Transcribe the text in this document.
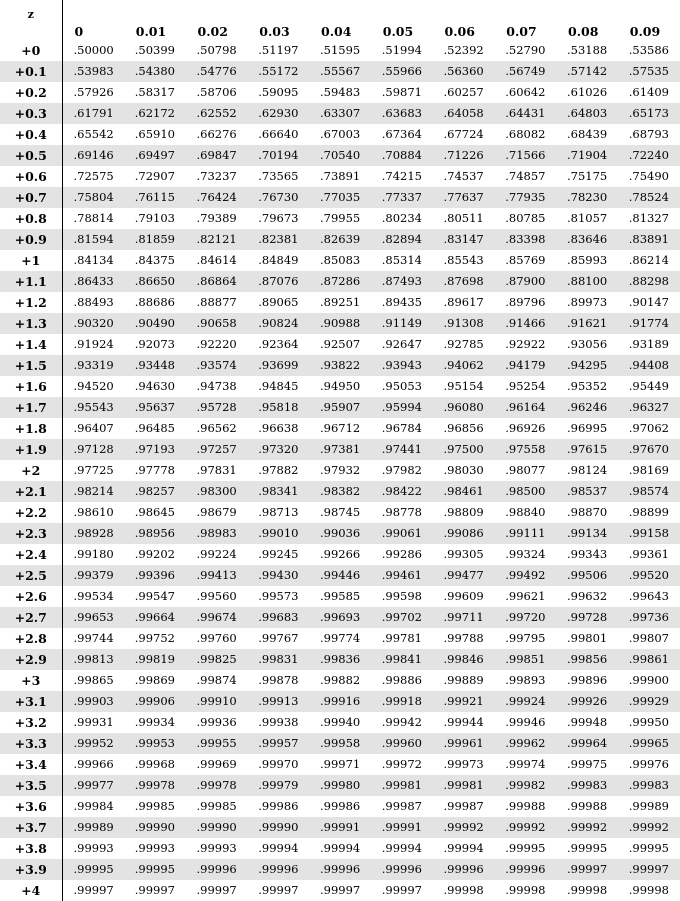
z	0	0.01	0.02	0.03	0.04	0.05	0.06	0.07	0.08	0.09
+0	.50000	.50399	.50798	.51197	.51595	.51994	.52392	.52790	.53188	.53586
+0.1	.53983	.54380	.54776	.55172	.55567	.55966	.56360	.56749	.57142	.57535
+0.2	.57926	.58317	.58706	.59095	.59483	.59871	.60257	.60642	.61026	.61409
+0.3	.61791	.62172	.62552	.62930	.63307	.63683	.64058	.64431	.64803	.65173
+0.4	.65542	.65910	.66276	.66640	.67003	.67364	.67724	.68082	.68439	.68793
+0.5	.69146	.69497	.69847	.70194	.70540	.70884	.71226	.71566	.71904	.72240
+0.6	.72575	.72907	.73237	.73565	.73891	.74215	.74537	.74857	.75175	.75490
+0.7	.75804	.76115	.76424	.76730	.77035	.77337	.77637	.77935	.78230	.78524
+0.8	.78814	.79103	.79389	.79673	.79955	.80234	.80511	.80785	.81057	.81327
+0.9	.81594	.81859	.82121	.82381	.82639	.82894	.83147	.83398	.83646	.83891
+1	.84134	.84375	.84614	.84849	.85083	.85314	.85543	.85769	.85993	.86214
+1.1	.86433	.86650	.86864	.87076	.87286	.87493	.87698	.87900	.88100	.88298
+1.2	.88493	.88686	.88877	.89065	.89251	.89435	.89617	.89796	.89973	.90147
+1.3	.90320	.90490	.90658	.90824	.90988	.91149	.91308	.91466	.91621	.91774
+1.4	.91924	.92073	.92220	.92364	.92507	.92647	.92785	.92922	.93056	.93189
+1.5	.93319	.93448	.93574	.93699	.93822	.93943	.94062	.94179	.94295	.94408
+1.6	.94520	.94630	.94738	.94845	.94950	.95053	.95154	.95254	.95352	.95449
+1.7	.95543	.95637	.95728	.95818	.95907	.95994	.96080	.96164	.96246	.96327
+1.8	.96407	.96485	.96562	.96638	.96712	.96784	.96856	.96926	.96995	.97062
+1.9	.97128	.97193	.97257	.97320	.97381	.97441	.97500	.97558	.97615	.97670
+2	.97725	.97778	.97831	.97882	.97932	.97982	.98030	.98077	.98124	.98169
+2.1	.98214	.98257	.98300	.98341	.98382	.98422	.98461	.98500	.98537	.98574
+2.2	.98610	.98645	.98679	.98713	.98745	.98778	.98809	.98840	.98870	.98899
+2.3	.98928	.98956	.98983	.99010	.99036	.99061	.99086	.99111	.99134	.99158
+2.4	.99180	.99202	.99224	.99245	.99266	.99286	.99305	.99324	.99343	.99361
+2.5	.99379	.99396	.99413	.99430	.99446	.99461	.99477	.99492	.99506	.99520
+2.6	.99534	.99547	.99560	.99573	.99585	.99598	.99609	.99621	.99632	.99643
+2.7	.99653	.99664	.99674	.99683	.99693	.99702	.99711	.99720	.99728	.99736
+2.8	.99744	.99752	.99760	.99767	.99774	.99781	.99788	.99795	.99801	.99807
+2.9	.99813	.99819	.99825	.99831	.99836	.99841	.99846	.99851	.99856	.99861
+3	.99865	.99869	.99874	.99878	.99882	.99886	.99889	.99893	.99896	.99900
+3.1	.99903	.99906	.99910	.99913	.99916	.99918	.99921	.99924	.99926	.99929
+3.2	.99931	.99934	.99936	.99938	.99940	.99942	.99944	.99946	.99948	.99950
+3.3	.99952	.99953	.99955	.99957	.99958	.99960	.99961	.99962	.99964	.99965
+3.4	.99966	.99968	.99969	.99970	.99971	.99972	.99973	.99974	.99975	.99976
+3.5	.99977	.99978	.99978	.99979	.99980	.99981	.99981	.99982	.99983	.99983
+3.6	.99984	.99985	.99985	.99986	.99986	.99987	.99987	.99988	.99988	.99989
+3.7	.99989	.99990	.99990	.99990	.99991	.99991	.99992	.99992	.99992	.99992
+3.8	.99993	.99993	.99993	.99994	.99994	.99994	.99994	.99995	.99995	.99995
+3.9	.99995	.99995	.99996	.99996	.99996	.99996	.99996	.99996	.99997	.99997
+4	.99997	.99997	.99997	.99997	.99997	.99997	.99998	.99998	.99998	.99998
